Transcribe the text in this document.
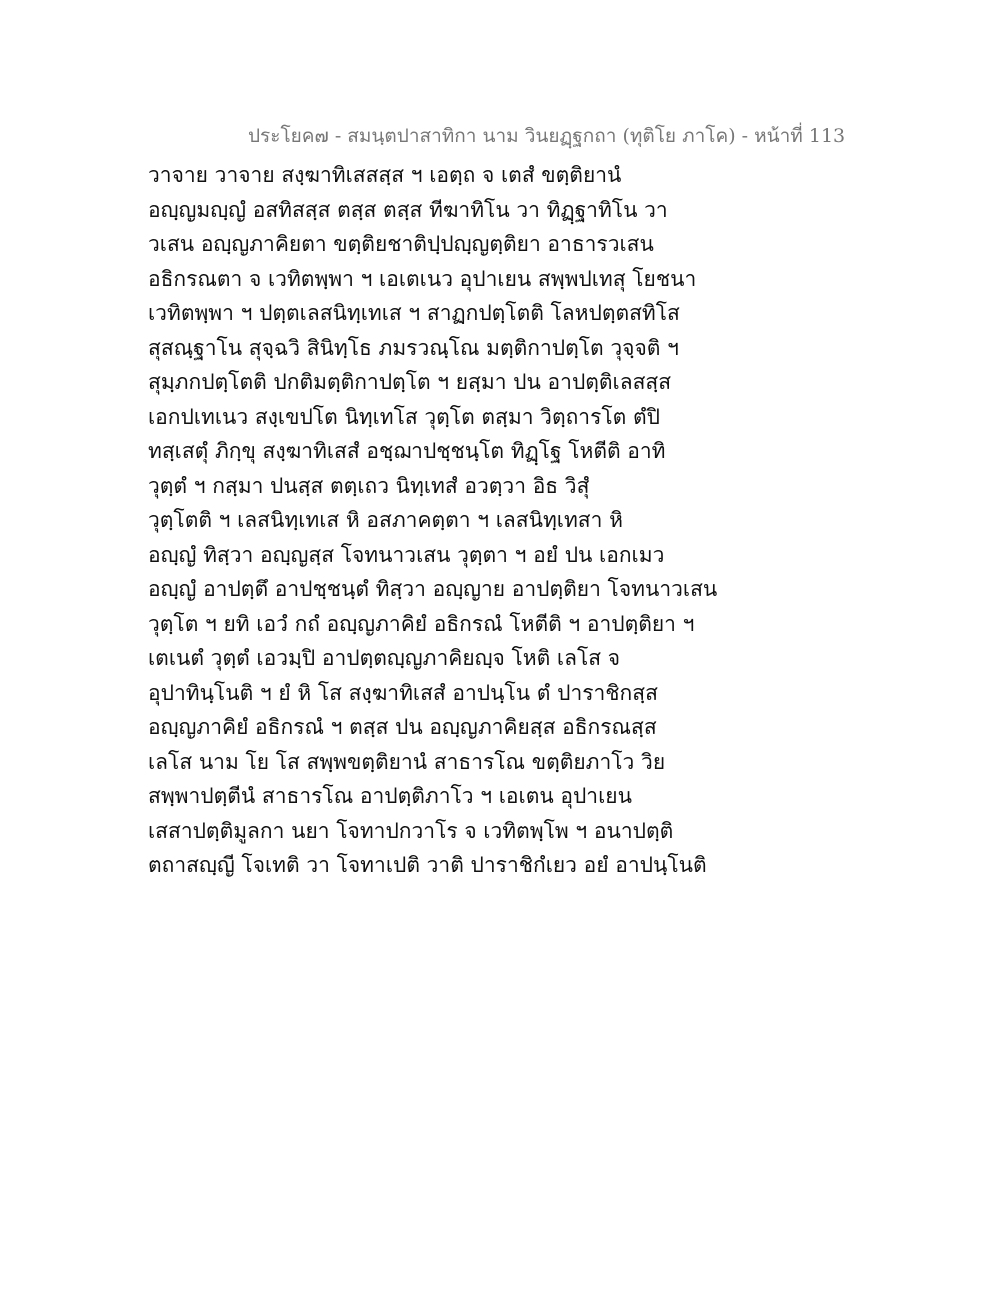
ประโยค๗ - สมนฺตปาสาทิกา นาม วินยฏฺฐกถา (ทุติโย ภาโค) - หน้าที่ 113
วาจาย วาจาย สงฺฆาทิเสสสฺส ฯ เอตฺถ จ เตสํ ขตฺติยานํ
อญฺญมญฺญํ อสทิสสฺส ตสฺส ตสฺส ทีฆาทิโน วา ทิฏฺฐาทิโน วา
วเสน อญฺญภาคิยตา ขตฺติยชาติปฺปญฺญตฺติยา อาธารวเสน
อธิกรณตา จ เวทิตพฺพา ฯ เอเตเนว อุปาเยน สพฺพปเทสุ โยชนา
เวทิตพฺพา ฯ ปตฺตเลสนิทฺเทเส ฯ สาฏกปตฺโตติ โลหปตฺตสทิโส
สุสณฺฐาโน สุจฺฉวิ สินิทฺโธ ภมรวณฺโณ มตฺติกาปตฺโต วุจฺจติ ฯ
สุมฺภกปตฺโตติ ปกติมตฺติกาปตฺโต ฯ ยสฺมา ปน อาปตฺติเลสสฺส
เอกปเทเนว สงฺเขปโต นิทฺเทโส วุตฺโต ตสฺมา วิตฺถารโต ตํปิ
ทสฺเสตุํ ภิกฺขุ สงฺฆาทิเสสํ อชฺฌาปชฺชนฺโต ทิฏฺโฐ โหตีติ อาทิ
วุตฺตํ ฯ กสฺมา ปนสฺส ตตฺเถว นิทฺเทสํ อวตฺวา อิธ วิสุํ
วุตฺโตติ ฯ เลสนิทฺเทเส หิ อสภาคตฺตา ฯ เลสนิทฺเทสา หิ
อญฺญํ ทิสฺวา อญฺญสฺส โจทนาวเสน วุตฺตา ฯ อยํ ปน เอกเมว
อญฺญํ อาปตฺตึ อาปชฺชนฺตํ ทิสฺวา อญฺญาย อาปตฺติยา โจทนาวเสน
วุตฺโต ฯ ยทิ เอวํ กถํ อญฺญภาคิยํ อธิกรณํ โหตีติ ฯ อาปตฺติยา ฯ
เตเนตํ วุตฺตํ เอวมฺปิ อาปตฺตญฺญภาคิยญฺจ โหติ เลโส จ
อุปาทินฺโนติ ฯ ยํ หิ โส สงฺฆาทิเสสํ อาปนฺโน ตํ ปาราชิกสฺส
อญฺญภาคิยํ อธิกรณํ ฯ ตสฺส ปน อญฺญภาคิยสฺส อธิกรณสฺส
เลโส นาม โย โส สพฺพขตฺติยานํ สาธารโณ ขตฺติยภาโว วิย
สพฺพาปตฺตีนํ สาธารโณ อาปตฺติภาโว ฯ เอเตน อุปาเยน
เสสาปตฺติมูลกา นยา โจทาปกวาโร จ เวทิตพฺโพ ฯ อนาปตฺติ
ตถาสญฺญี โจเทติ วา โจทาเปติ วาติ ปาราชิกํเยว อยํ อาปนฺโนติ
